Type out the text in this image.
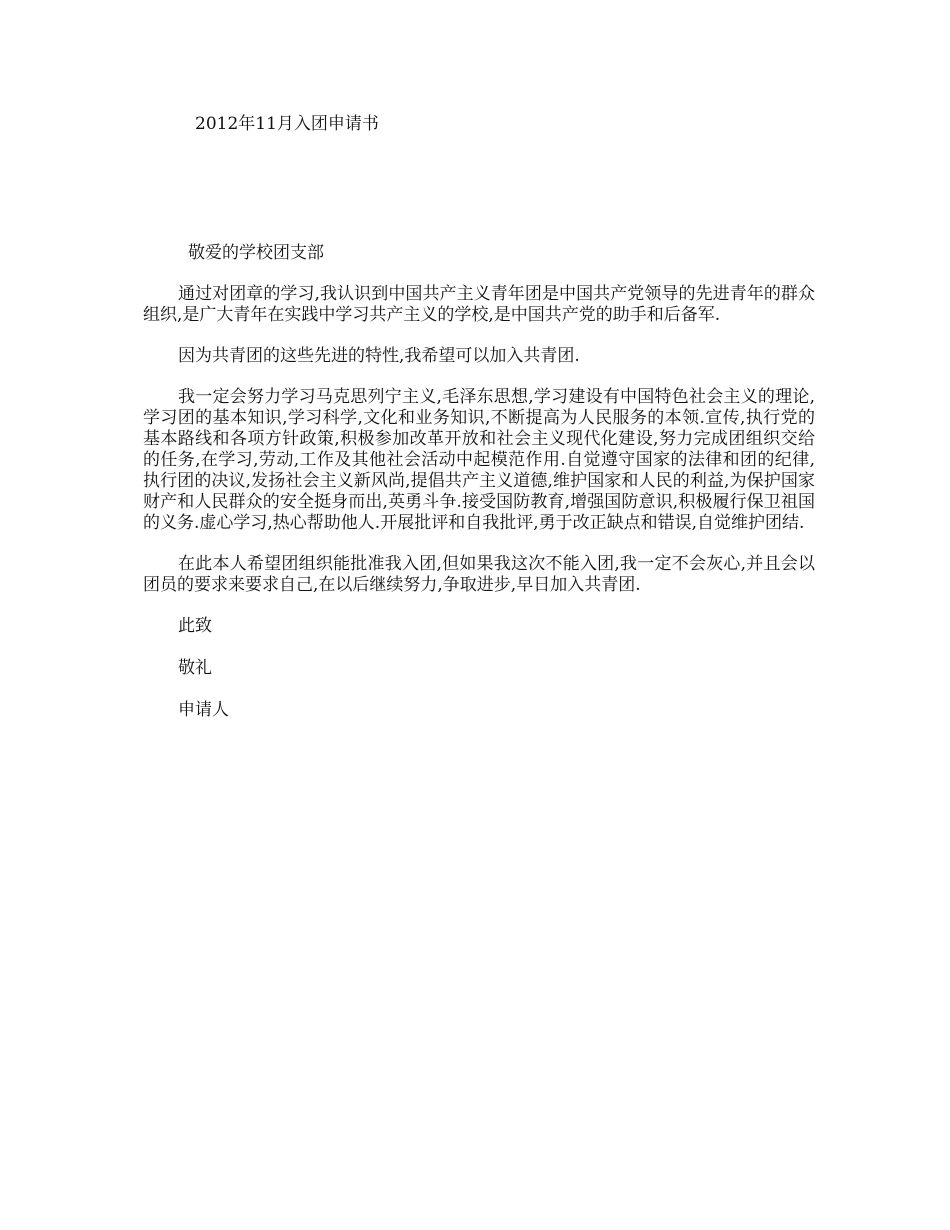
2012年11月入团申请书
敬爱的学校团支部

通过对团章的学习,我认识到中国共产主义青年团是中国共产党领导的先进青年的群众组织,是广大青年在实践中学习共产主义的学校,是中国共产党的助手和后备军.

因为共青团的这些先进的特性,我希望可以加入共青团.

我一定会努力学习马克思列宁主义,毛泽东思想,学习建设有中国特色社会主义的理论,学习团的基本知识,学习科学,文化和业务知识,不断提高为人民服务的本领.宣传,执行党的基本路线和各项方针政策,积极参加改革开放和社会主义现代化建设,努力完成团组织交给的任务,在学习,劳动,工作及其他社会活动中起模范作用.自觉遵守国家的法律和团的纪律,执行团的决议,发扬社会主义新风尚,提倡共产主义道德,维护国家和人民的利益,为保护国家财产和人民群众的安全挺身而出,英勇斗争.接受国防教育,增强国防意识,积极履行保卫祖国的义务.虚心学习,热心帮助他人.开展批评和自我批评,勇于改正缺点和错误,自觉维护团结.

在此本人希望团组织能批准我入团,但如果我这次不能入团,我一定不会灰心,并且会以团员的要求来要求自己,在以后继续努力,争取进步,早日加入共青团.

此致
敬礼
申请人
